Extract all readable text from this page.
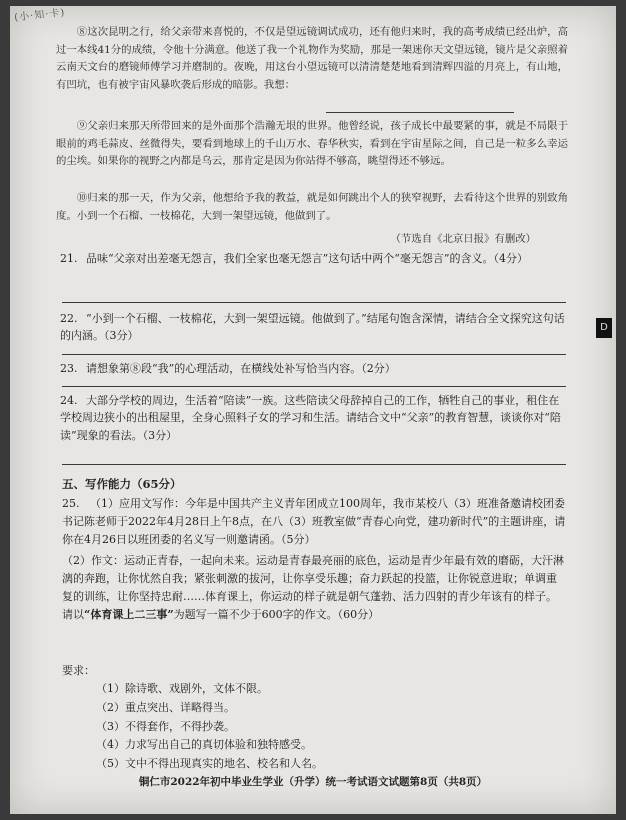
(小·知·卡)
⑧这次昆明之行，给父亲带来喜悦的，不仅是望远镜调试成功，还有他归来时，我的高考成绩已经出炉，高过一本线41分的成绩，令他十分满意。他送了我一个礼物作为奖励，那是一架迷你天文望远镜，镜片是父亲照着云南天文台的磨镜师傅学习并磨制的。夜晚，用这台小望远镜可以清清楚楚地看到清辉四溢的月亮上，有山地，有凹坑，也有被宇宙风暴吹袭后形成的暗影。我想：
⑨父亲归来那天所带回来的是外面那个浩瀚无垠的世界。他曾经说，孩子成长中最要紧的事，就是不局限于眼前的鸡毛蒜皮、丝微得失，要看到地球上的千山万水、春华秋实，看到在宇宙星际之间，自己是一粒多么幸运的尘埃。如果你的视野之内都是乌云，那肯定是因为你站得不够高，眺望得还不够远。
⑩归来的那一天，作为父亲，他想给予我的教益，就是如何跳出个人的狭窄视野，去看待这个世界的别致角度。小到一个石榴、一枝棉花，大到一架望远镜，他做到了。
（节选自《北京日报》有删改）
21. 品味“父亲对出差毫无怨言，我们全家也毫无怨言”这句话中两个“毫无怨言”的含义。（4分）
22. “小到一个石榴、一枝棉花，大到一架望远镜。他做到了。”结尾句饱含深情，请结合全文探究这句话的内涵。（3分）
23. 请想象第⑧段“我”的心理活动，在横线处补写恰当内容。（2分）
24. 大部分学校的周边，生活着“陪读”一族。这些陪读父母辞掉自己的工作，牺牲自己的事业，租住在学校周边狭小的出租屋里，全身心照料子女的学习和生活。请结合文中“父亲”的教育智慧，谈谈你对“陪读”现象的看法。（3分）
五、写作能力（65分）
25. （1）应用文写作：今年是中国共产主义青年团成立100周年，我市某校八（3）班准备邀请校团委书记陈老师于2022年4月28日上午8点，在八（3）班教室做“青春心向党，建功新时代”的主题讲座，请你在4月26日以班团委的名义写一则邀请函。（5分）
（2）作文：运动正青春，一起向未来。运动是青春最亮丽的底色，运动是青少年最有效的磨砺，大汗淋漓的奔跑，让你忧然自我；紧张刺激的拔河，让你享受乐趣；奋力跃起的投篮，让你锐意进取；单调重复的训练，让你坚持忠耐……体育课上，你运动的样子就是朝气蓬勃、活力四射的青少年该有的样子。请以“体育课上二三事”为题写一篇不少于600字的作文。（60分）
要求：
（1）除诗歌、戏剧外，文体不限。
（2）重点突出、详略得当。
（3）不得套作，不得抄袭。
（4）力求写出自己的真切体验和独特感受。
（5）文中不得出现真实的地名、校名和人名。
铜仁市2022年初中毕业生学业（升学）统一考试语文试题第8页（共8页）
D
